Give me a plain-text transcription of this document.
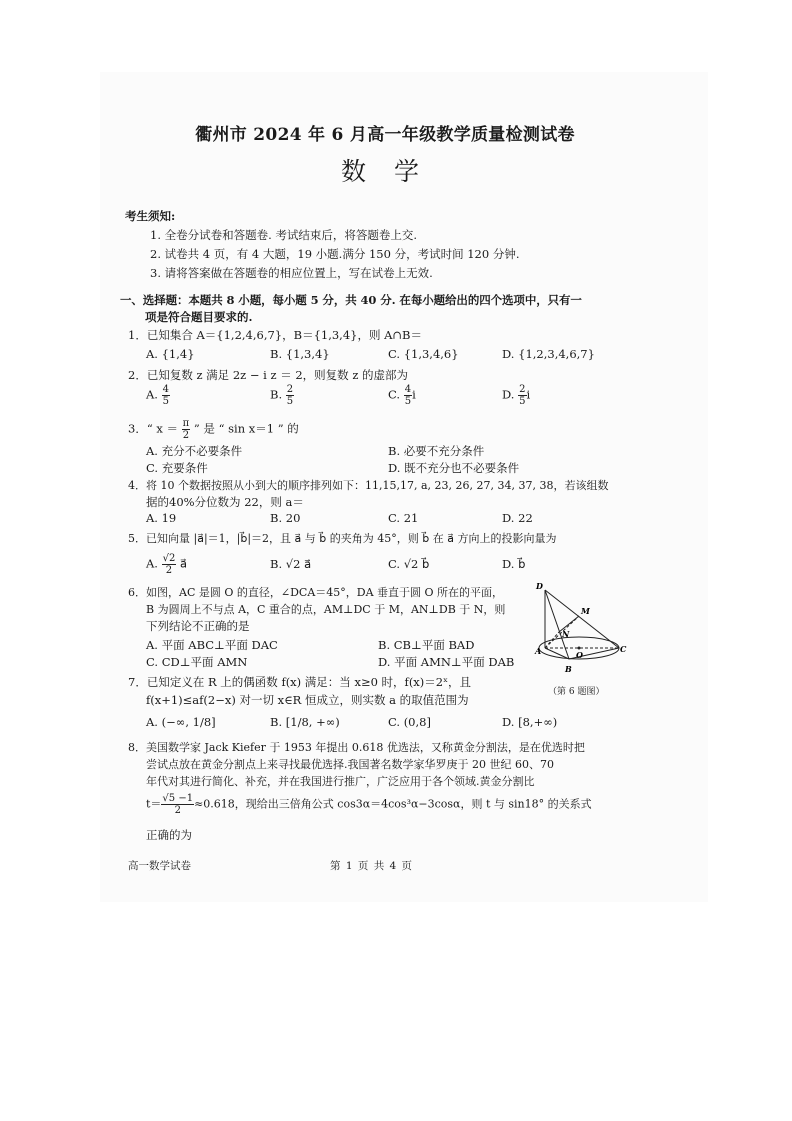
衢州市 2024 年 6 月高一年级教学质量检测试卷
数 学
考生须知:
1. 全卷分试卷和答题卷. 考试结束后，将答题卷上交.
2. 试卷共 4 页，有 4 大题，19 小题.满分 150 分，考试时间 120 分钟.
3. 请将答案做在答题卷的相应位置上，写在试卷上无效.
一、选择题：本题共 8 小题，每小题 5 分，共 40 分. 在每小题给出的四个选项中，只有一
项是符合题目要求的.
1．已知集合 A＝{1,2,4,6,7}，B＝{1,3,4}，则 A∩B＝
A. {1,4}	B. {1,3,4}	C. {1,3,4,6}	D. {1,2,3,4,6,7}
2．已知复数 z 满足 2z − i z ＝ 2，则复数 z 的虚部为
A. $\frac{4}{5}$	B. $\frac{2}{5}$	C. $\frac{4}{5}$ i	D. $\frac{2}{5}$ i
3．“ $x = \frac{\pi}{2}$ ” 是 “ sin x＝1 ” 的
A. 充分不必要条件	B. 必要不充分条件
C. 充要条件	D. 既不充分也不必要条件
4．将 10 个数据按照从小到大的顺序排列如下：11,15,17, a, 23, 26, 27, 34, 37, 38，若该组数
据的40%分位数为 22，则 a＝
A. 19	B. 20	C. 21	D. 22
5．已知向量 |a⃗|＝1，|b⃗|＝2，且 a⃗ 与 b⃗ 的夹角为 45°，则 b⃗ 在 a⃗ 方向上的投影向量为
A. $\frac{√2}{2}$ a⃗	B. √2 a⃗	C. √2 b⃗	D. b⃗
6．如图，AC 是圆 O 的直径，∠DCA＝45°，DA 垂直于圆 O 所在的平面，
B 为圆周上不与点 A，C 重合的点，AM⊥DC 于 M，AN⊥DB 于 N，则
下列结论不正确的是
A. 平面 ABC⊥平面 DAC	B. CB⊥平面 BAD
C. CD⊥平面 AMN	D. 平面 AMN⊥平面 DAB
D
M
N
A	O
C
B
（第 6 题图）
7．已知定义在 R 上的偶函数 f(x) 满足：当 x≥0 时，f(x)＝2ˣ，且
f(x+1)≤af(2−x) 对一切 x∈R 恒成立，则实数 a 的取值范围为
A. (−∞, 1/8]	B. [1/8, +∞)	C. (0,8]	D. [8,+∞)
8．美国数学家 Jack Kiefer 于 1953 年提出 0.618 优选法，又称黄金分割法，是在优选时把
尝试点放在黄金分割点上来寻找最优选择.我国著名数学家华罗庚于 20 世纪 60、70
年代对其进行简化、补充，并在我国进行推广，广泛应用于各个领域.黄金分割比
$t= \frac{√5 -1}{2} \approx 0.618$，现给出三倍角公式 cos3α＝4cos³α−3cosα，则 t 与 sin18° 的关系式
正确的为
高一数学试卷	第 1 页 共 4 页
